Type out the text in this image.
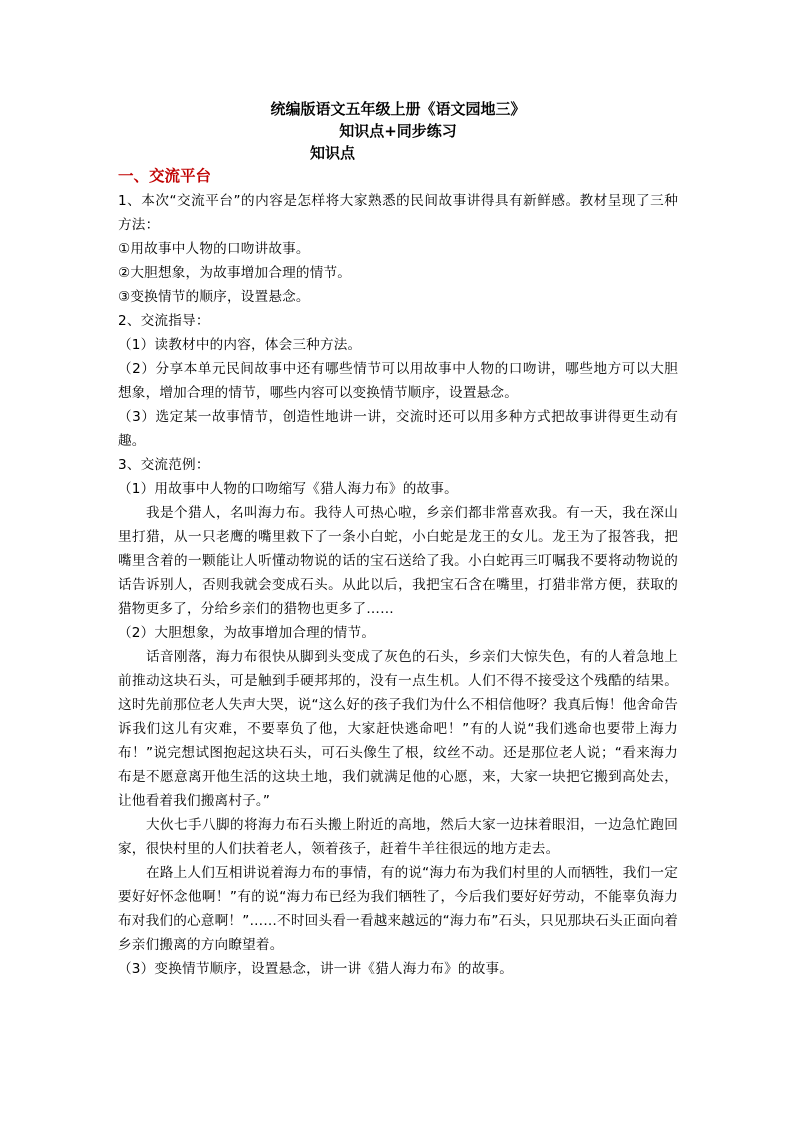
统编版语文五年级上册《语文园地三》

知识点+同步练习

知识点

一、交流平台

1、本次“交流平台”的内容是怎样将大家熟悉的民间故事讲得具有新鲜感。教材呈现了三种方法：

①用故事中人物的口吻讲故事。

②大胆想象，为故事增加合理的情节。

③变换情节的顺序，设置悬念。

2、交流指导：

（1）读教材中的内容，体会三种方法。

（2）分享本单元民间故事中还有哪些情节可以用故事中人物的口吻讲，哪些地方可以大胆想象，增加合理的情节，哪些内容可以变换情节顺序，设置悬念。

（3）选定某一故事情节，创造性地讲一讲，交流时还可以用多种方式把故事讲得更生动有趣。

3、交流范例：

（1）用故事中人物的口吻缩写《猎人海力布》的故事。

我是个猎人，名叫海力布。我待人可热心啦，乡亲们都非常喜欢我。有一天，我在深山里打猎，从一只老鹰的嘴里救下了一条小白蛇，小白蛇是龙王的女儿。龙王为了报答我，把嘴里含着的一颗能让人听懂动物说的话的宝石送给了我。小白蛇再三叮嘱我不要将动物说的话告诉别人，否则我就会变成石头。从此以后，我把宝石含在嘴里，打猎非常方便，获取的猎物更多了，分给乡亲们的猎物也更多了……

（2）大胆想象，为故事增加合理的情节。

话音刚落，海力布很快从脚到头变成了灰色的石头，乡亲们大惊失色，有的人着急地上前推动这块石头，可是触到手硬邦邦的，没有一点生机。人们不得不接受这个残酷的结果。这时先前那位老人失声大哭，说“这么好的孩子我们为什么不相信他呀？我真后悔！他舍命告诉我们这儿有灾难，不要辜负了他，大家赶快逃命吧！”有的人说“我们逃命也要带上海力布！”说完想试图抱起这块石头，可石头像生了根，纹丝不动。还是那位老人说；“看来海力布是不愿意离开他生活的这块土地，我们就满足他的心愿，来，大家一块把它搬到高处去，让他看着我们搬离村子。”

大伙七手八脚的将海力布石头搬上附近的高地，然后大家一边抹着眼泪，一边急忙跑回家，很快村里的人们扶着老人，领着孩子，赶着牛羊往很远的地方走去。

在路上人们互相讲说着海力布的事情，有的说“海力布为我们村里的人而牺牲，我们一定要好好怀念他啊！”有的说“海力布已经为我们牺牲了，今后我们要好好劳动，不能辜负海力布对我们的心意啊！”……不时回头看一看越来越远的“海力布”石头，只见那块石头正面向着乡亲们搬离的方向瞭望着。

（3）变换情节顺序，设置悬念，讲一讲《猎人海力布》的故事。
